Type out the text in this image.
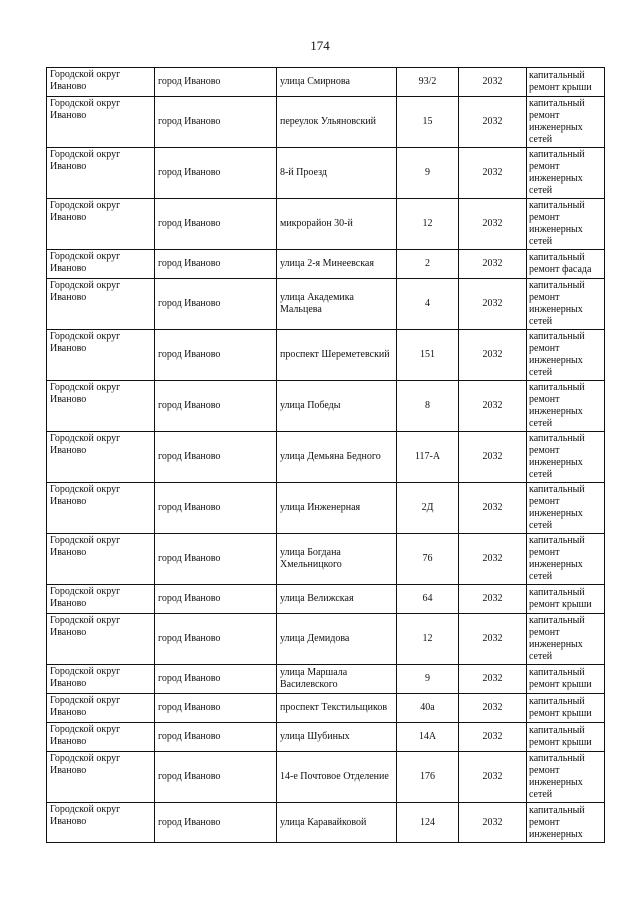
174
Городской округ Иваново	город Иваново	улица Смирнова	93/2	2032	капитальный ремонт крыши
Городской округ Иваново	город Иваново	переулок Ульяновский	15	2032	капитальный ремонт инженерных сетей
Городской округ Иваново	город Иваново	8-й Проезд	9	2032	капитальный ремонт инженерных сетей
Городской округ Иваново	город Иваново	микрорайон 30-й	12	2032	капитальный ремонт инженерных сетей
Городской округ Иваново	город Иваново	улица 2-я Минеевская	2	2032	капитальный ремонт фасада
Городской округ Иваново	город Иваново	улица Академика Мальцева	4	2032	капитальный ремонт инженерных сетей
Городской округ Иваново	город Иваново	проспект Шереметевский	151	2032	капитальный ремонт инженерных сетей
Городской округ Иваново	город Иваново	улица Победы	8	2032	капитальный ремонт инженерных сетей
Городской округ Иваново	город Иваново	улица Демьяна Бедного	117-А	2032	капитальный ремонт инженерных сетей
Городской округ Иваново	город Иваново	улица Инженерная	2Д	2032	капитальный ремонт инженерных сетей
Городской округ Иваново	город Иваново	улица Богдана Хмельницкого	76	2032	капитальный ремонт инженерных сетей
Городской округ Иваново	город Иваново	улица Велижская	64	2032	капитальный ремонт крыши
Городской округ Иваново	город Иваново	улица Демидова	12	2032	капитальный ремонт инженерных сетей
Городской округ Иваново	город Иваново	улица Маршала Василевского	9	2032	капитальный ремонт крыши
Городской округ Иваново	город Иваново	проспект Текстильщиков	40а	2032	капитальный ремонт крыши
Городской округ Иваново	город Иваново	улица Шубиных	14А	2032	капитальный ремонт крыши
Городской округ Иваново	город Иваново	14-е Почтовое Отделение	176	2032	капитальный ремонт инженерных сетей
Городской округ Иваново	город Иваново	улица Каравайковой	124	2032	капитальный ремонт инженерных
